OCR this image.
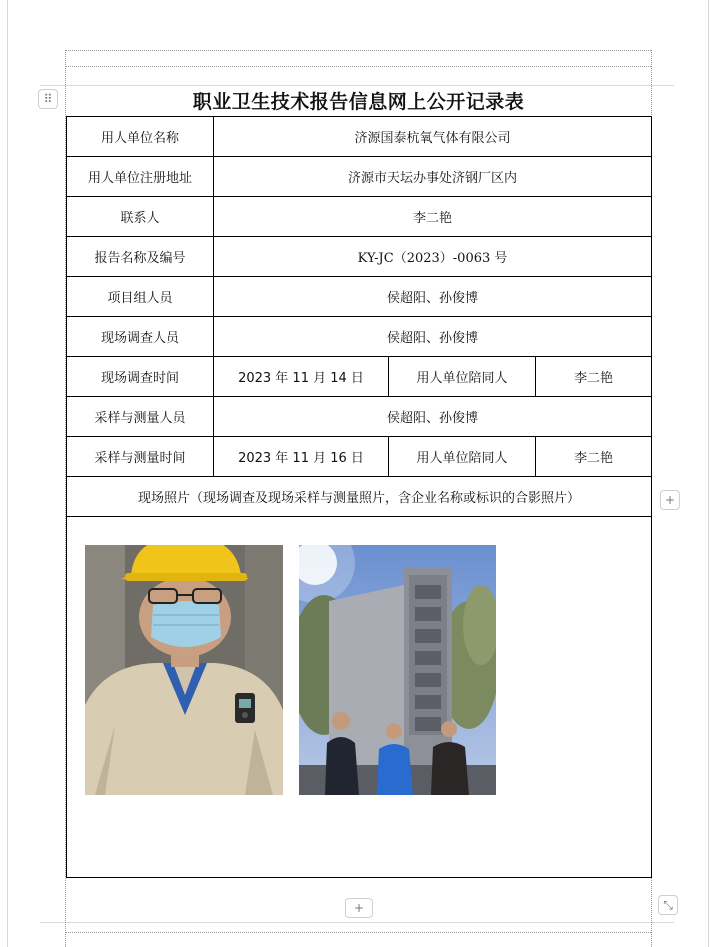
⠿
+
+	⤡
职业卫生技术报告信息网上公开记录表
用人单位名称	济源国泰杭氧气体有限公司		
用人单位注册地址	济源市天坛办事处济钢厂区内		
联系人	李二艳		
报告名称及编号	KY-JC（2023）-0063 号		
项目组人员	侯超阳、孙俊博		
现场调查人员	侯超阳、孙俊博		
现场调查时间	2023 年 11 月 14 日	用人单位陪同人	李二艳
采样与测量人员	侯超阳、孙俊博		
采样与测量时间	2023 年 11 月 16 日	用人单位陪同人	李二艳
现场照片（现场调查及现场采样与测量照片，含企业名称或标识的合影照片）			
